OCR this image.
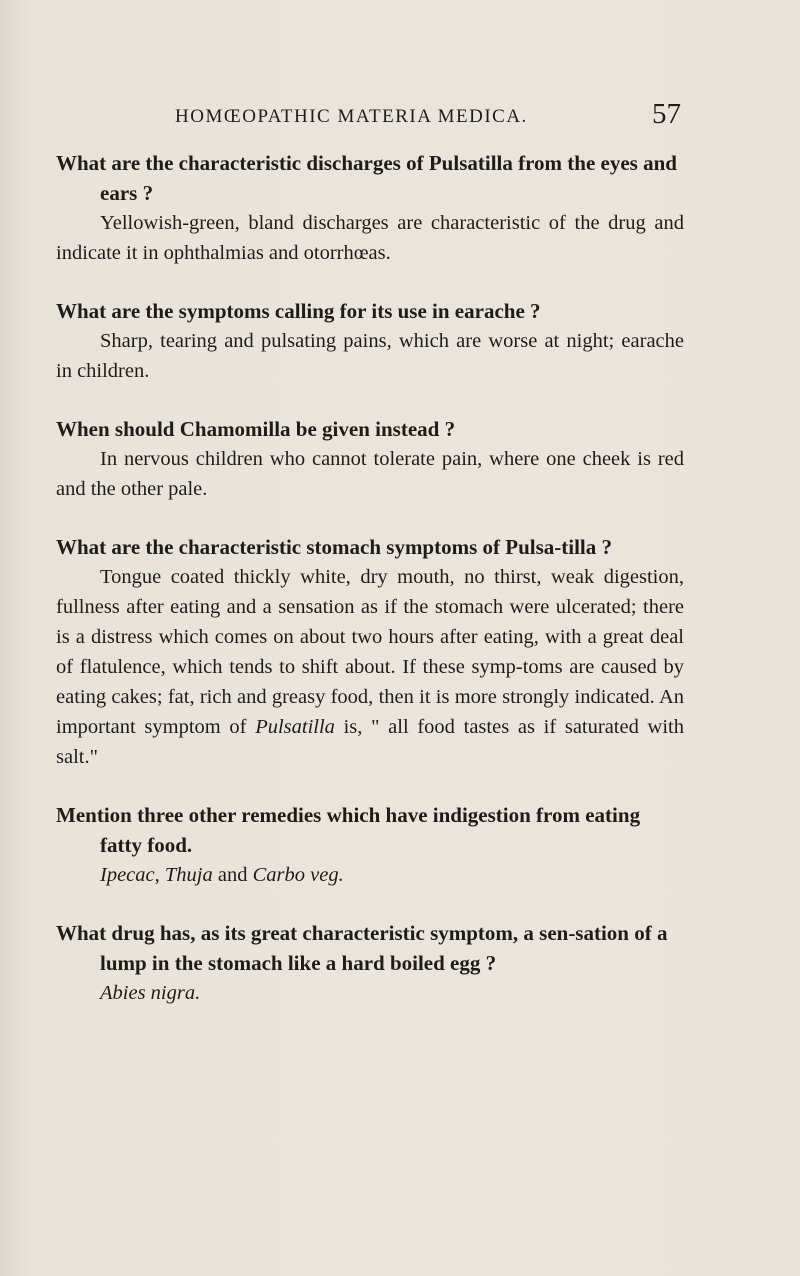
HOMŒOPATHIC MATERIA MEDICA.	57

What are the characteristic discharges of Pulsatilla from the eyes and ears ?

Yellowish-green, bland discharges are characteristic of the drug and indicate it in ophthalmias and otorrhœas.

What are the symptoms calling for its use in earache ?

Sharp, tearing and pulsating pains, which are worse at night; earache in children.

When should Chamomilla be given instead ?

In nervous children who cannot tolerate pain, where one cheek is red and the other pale.

What are the characteristic stomach symptoms of Pulsa-tilla ?

Tongue coated thickly white, dry mouth, no thirst, weak digestion, fullness after eating and a sensation as if the stomach were ulcerated; there is a distress which comes on about two hours after eating, with a great deal of flatulence, which tends to shift about. If these symp-toms are caused by eating cakes; fat, rich and greasy food, then it is more strongly indicated. An important symptom of Pulsatilla is, " all food tastes as if saturated with salt."

Mention three other remedies which have indigestion from eating fatty food.

Ipecac, Thuja and Carbo veg.

What drug has, as its great characteristic symptom, a sen-sation of a lump in the stomach like a hard boiled egg ?

Abies nigra.
